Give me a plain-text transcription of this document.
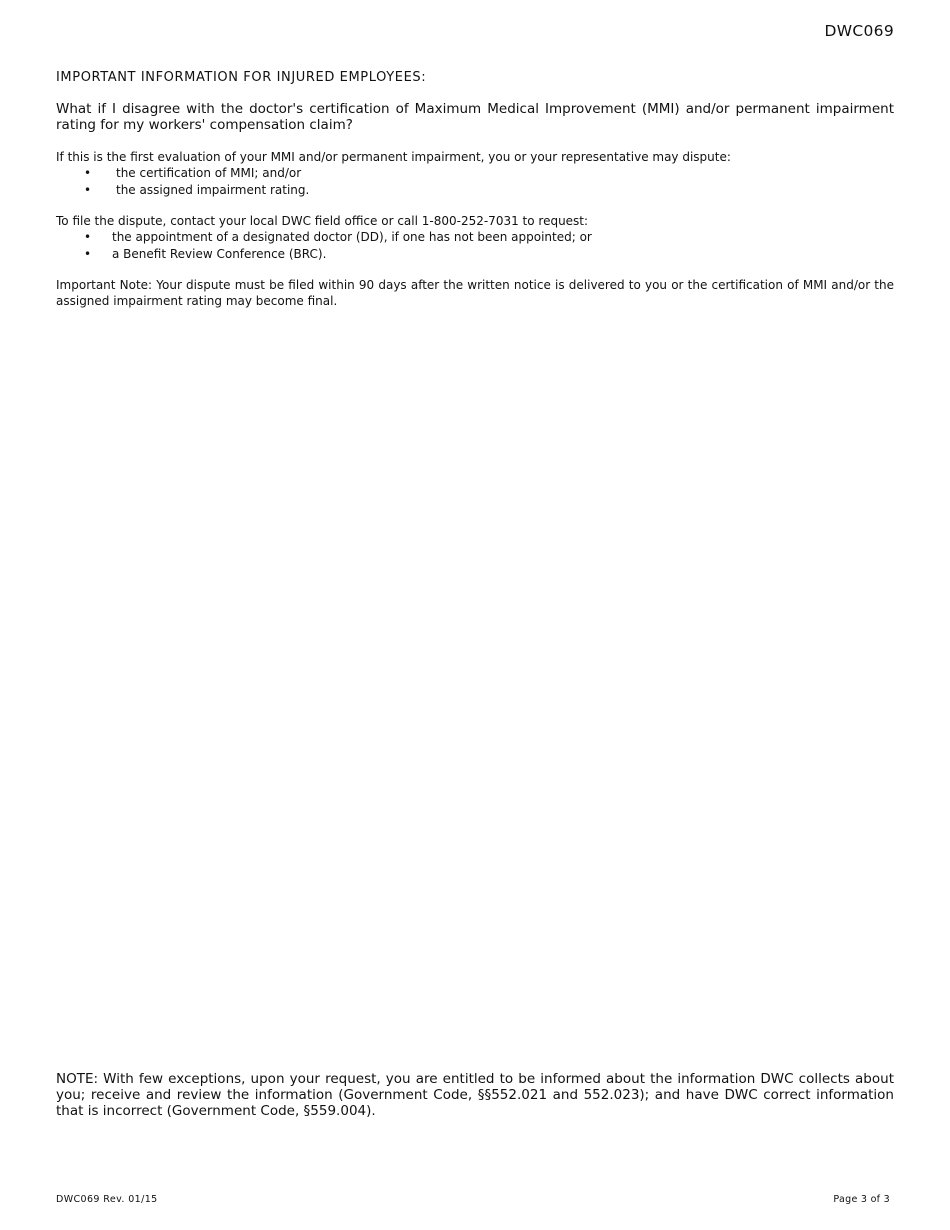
DWC069

IMPORTANT INFORMATION FOR INJURED EMPLOYEES:

What if I disagree with the doctor's certification of Maximum Medical Improvement (MMI) and/or permanent impairment rating for my workers' compensation claim?

If this is the first evaluation of your MMI and/or permanent impairment, you or your representative may dispute:

• the certification of MMI; and/or
• the assigned impairment rating.

To file the dispute, contact your local DWC field office or call 1-800-252-7031 to request:

• the appointment of a designated doctor (DD), if one has not been appointed; or
• a Benefit Review Conference (BRC).

Important Note: Your dispute must be filed within 90 days after the written notice is delivered to you or the certification of MMI and/or the assigned impairment rating may become final.

NOTE: With few exceptions, upon your request, you are entitled to be informed about the information DWC collects about you; receive and review the information (Government Code, §§552.021 and 552.023); and have DWC correct information that is incorrect (Government Code, §559.004).

DWC069 Rev. 01/15	Page 3 of 3
